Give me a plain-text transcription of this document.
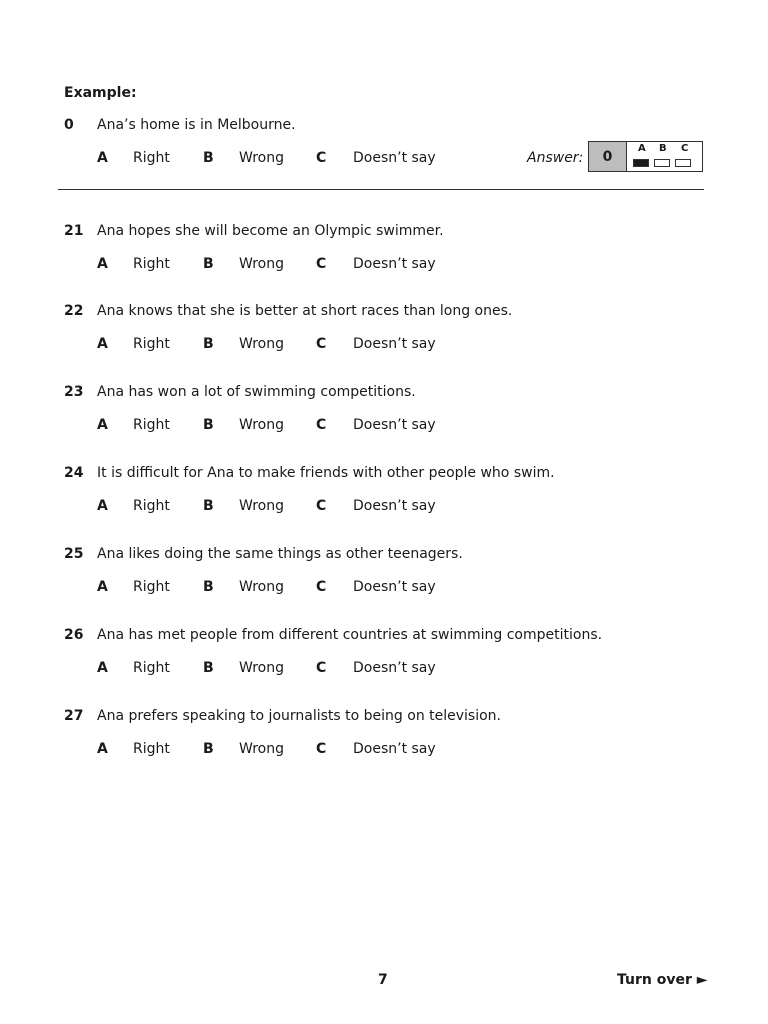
Example:
0 Ana’s home is in Melbourne.
A Right B Wrong C Doesn’t say	Answer:	0
A B C
21 Ana hopes she will become an Olympic swimmer.
A Right B Wrong C Doesn’t say
22 Ana knows that she is better at short races than long ones.
A Right B Wrong C Doesn’t say
23 Ana has won a lot of swimming competitions.
A Right B Wrong C Doesn’t say
24 It is difficult for Ana to make friends with other people who swim.
A Right B Wrong C Doesn’t say
25 Ana likes doing the same things as other teenagers.
A Right B Wrong C Doesn’t say
26 Ana has met people from different countries at swimming competitions.
A Right B Wrong C Doesn’t say
27 Ana prefers speaking to journalists to being on television.
A Right B Wrong C Doesn’t say
7	Turn over ►
